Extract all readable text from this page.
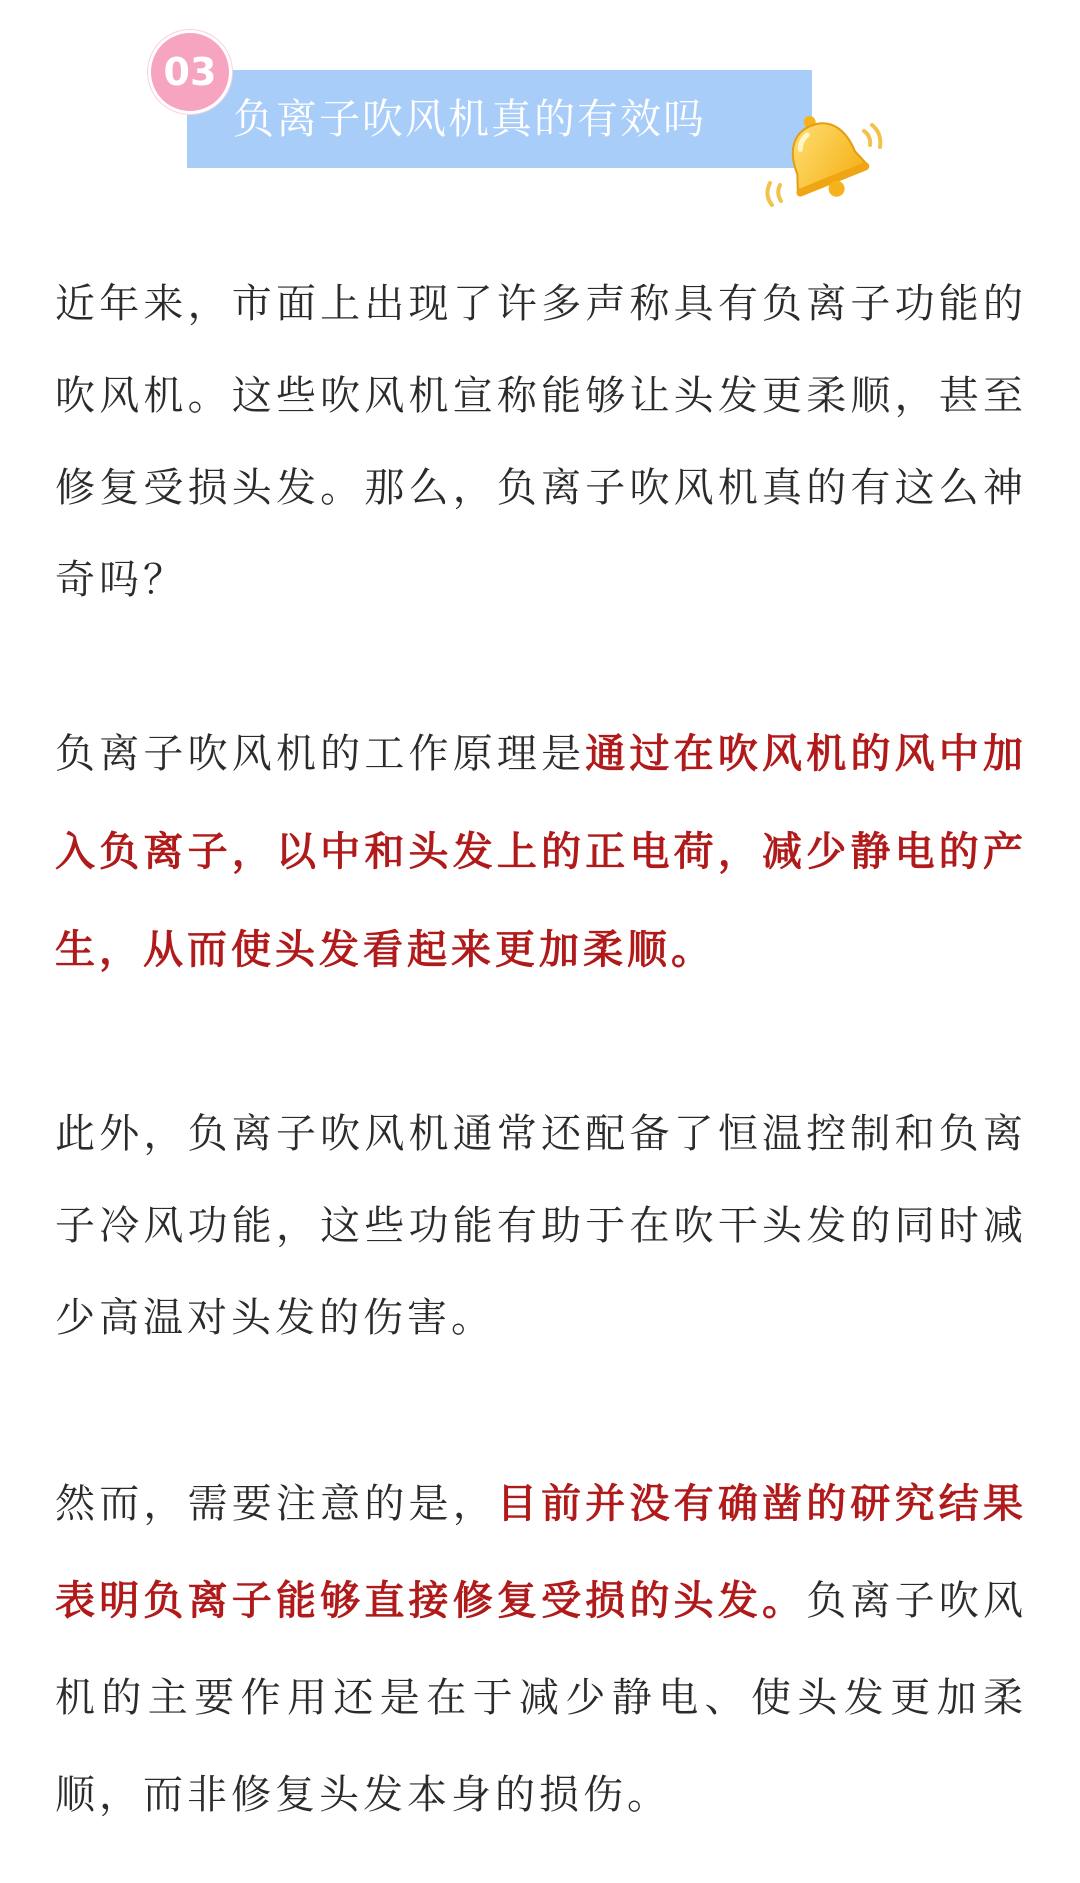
负离子吹风机真的有效吗
03

近年来，市面上出现了许多声称具有负离子功能的吹风机。这些吹风机宣称能够让头发更柔顺，甚至修复受损头发。那么，负离子吹风机真的有这么神奇吗？

负离子吹风机的工作原理是通过在吹风机的风中加入负离子，以中和头发上的正电荷，减少静电的产生，从而使头发看起来更加柔顺。

此外，负离子吹风机通常还配备了恒温控制和负离子冷风功能，这些功能有助于在吹干头发的同时减少高温对头发的伤害。

然而，需要注意的是，目前并没有确凿的研究结果表明负离子能够直接修复受损的头发。负离子吹风机的主要作用还是在于减少静电、使头发更加柔顺，而非修复头发本身的损伤。
